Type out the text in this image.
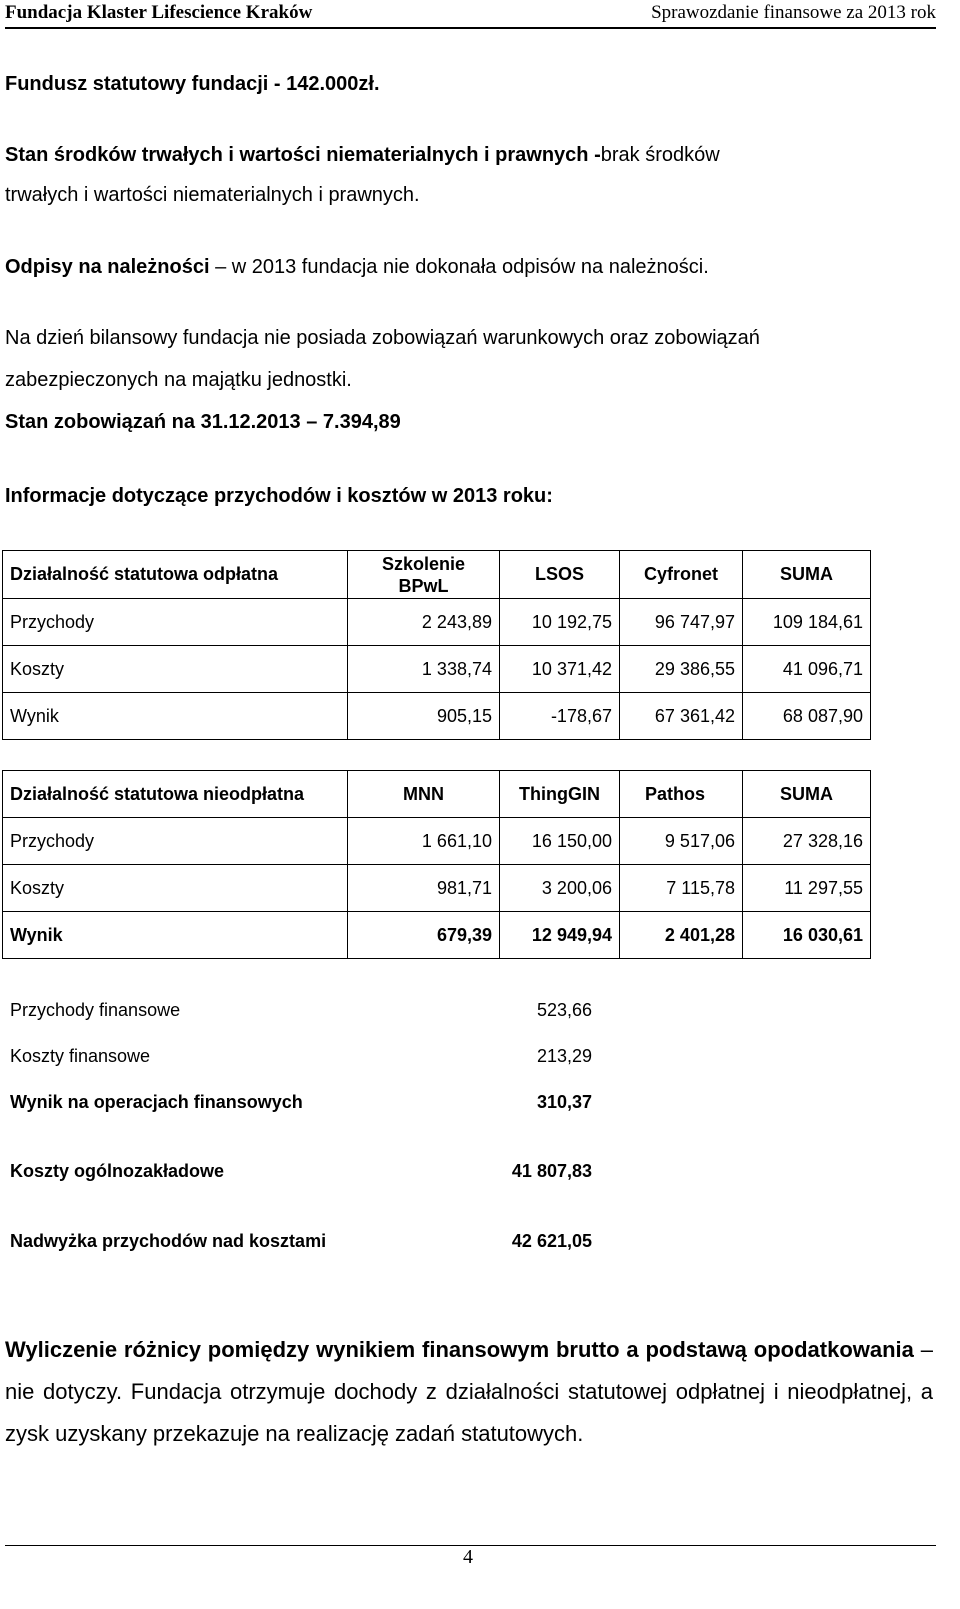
Fundacja Klaster Lifescience Kraków	Sprawozdanie finansowe za 2013 rok
Fundusz statutowy fundacji - 142.000zł.
Stan środków trwałych i wartości niematerialnych i prawnych -brak środków
trwałych i wartości niematerialnych i prawnych.
Odpisy na należności – w 2013 fundacja nie dokonała odpisów na należności.
Na dzień bilansowy fundacja nie posiada zobowiązań warunkowych oraz zobowiązań
zabezpieczonych na majątku jednostki.
Stan zobowiązań na 31.12.2013 – 7.394,89
Informacje dotyczące przychodów i kosztów w 2013 roku:
Działalność statutowa odpłatna	Szkolenie BPwL	LSOS	Cyfronet	SUMA
Przychody	2 243,89	10 192,75	96 747,97	109 184,61
Koszty	1 338,74	10 371,42	29 386,55	41 096,71
Wynik	905,15	-178,67	67 361,42	68 087,90
Działalność statutowa nieodpłatna	MNN	ThingGIN	Pathos	SUMA
Przychody	1 661,10	16 150,00	9 517,06	27 328,16
Koszty	981,71	3 200,06	7 115,78	11 297,55
Wynik	679,39	12 949,94	2 401,28	16 030,61
Przychody finansowe	523,66
Koszty finansowe	213,29
Wynik na operacjach finansowych	310,37
Koszty ogólnozakładowe	41 807,83
Nadwyżka przychodów nad kosztami	42 621,05
Wyliczenie różnicy pomiędzy wynikiem finansowym brutto a podstawą opodatkowania – nie dotyczy. Fundacja otrzymuje dochody z działalności statutowej odpłatnej i nieodpłatnej, a zysk uzyskany przekazuje na realizację zadań statutowych.
4
